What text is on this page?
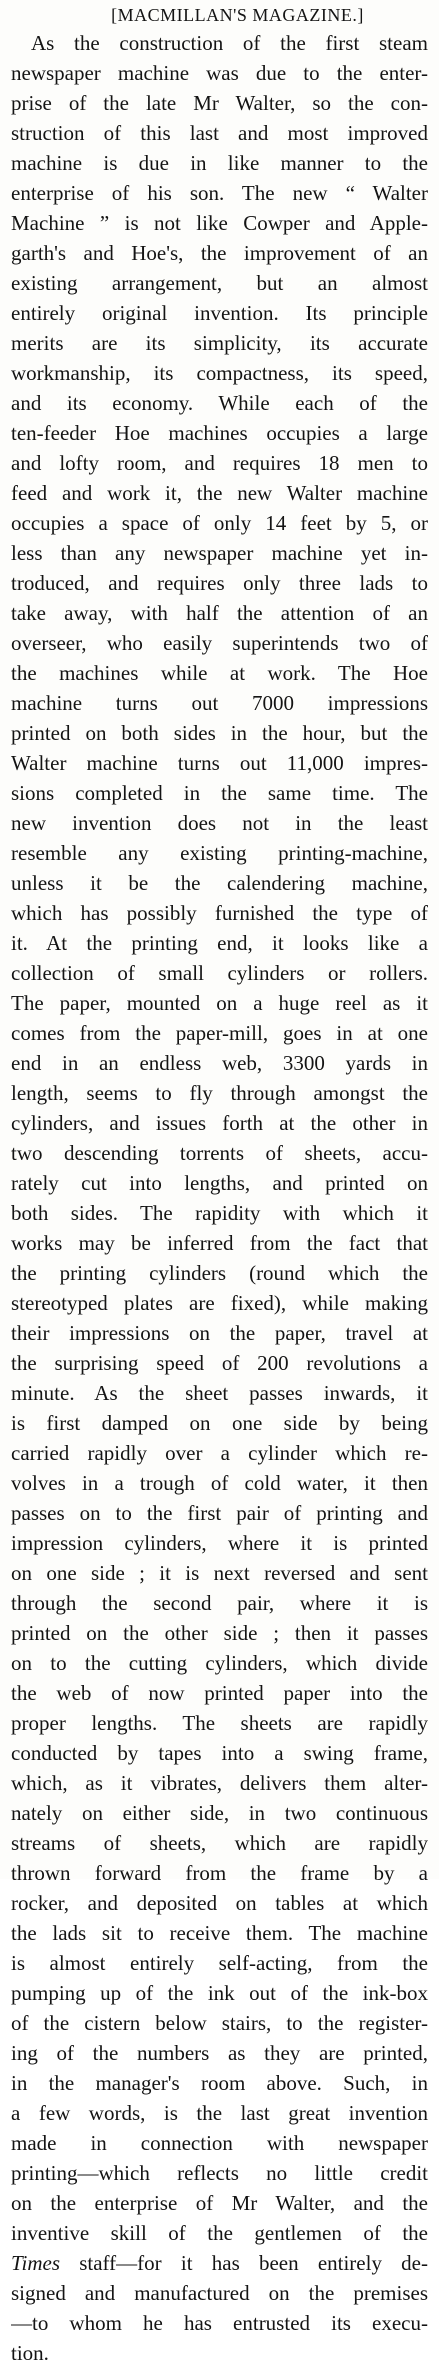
[MACMILLAN'S MAGAZINE.]
As the construction of the first steam
newspaper machine was due to the enter-
prise of the late Mr Walter, so the con-
struction of this last and most improved
machine is due in like manner to the
enterprise of his son. The new “ Walter
Machine ” is not like Cowper and Apple-
garth's and Hoe's, the improvement of an
existing arrangement, but an almost
entirely original invention. Its principle
merits are its simplicity, its accurate
workmanship, its compactness, its speed,
and its economy. While each of the
ten-feeder Hoe machines occupies a large
and lofty room, and requires 18 men to
feed and work it, the new Walter machine
occupies a space of only 14 feet by 5, or
less than any newspaper machine yet in-
troduced, and requires only three lads to
take away, with half the attention of an
overseer, who easily superintends two of
the machines while at work. The Hoe
machine turns out 7000 impressions
printed on both sides in the hour, but the
Walter machine turns out 11,000 impres-
sions completed in the same time. The
new invention does not in the least
resemble any existing printing-machine,
unless it be the calendering machine,
which has possibly furnished the type of
it. At the printing end, it looks like a
collection of small cylinders or rollers.
The paper, mounted on a huge reel as it
comes from the paper-mill, goes in at one
end in an endless web, 3300 yards in
length, seems to fly through amongst the
cylinders, and issues forth at the other in
two descending torrents of sheets, accu-
rately cut into lengths, and printed on
both sides. The rapidity with which it
works may be inferred from the fact that
the printing cylinders (round which the
stereotyped plates are fixed), while making
their impressions on the paper, travel at
the surprising speed of 200 revolutions a
minute. As the sheet passes inwards, it
is first damped on one side by being
carried rapidly over a cylinder which re-
volves in a trough of cold water, it then
passes on to the first pair of printing and
impression cylinders, where it is printed
on one side ; it is next reversed and sent
through the second pair, where it is
printed on the other side ; then it passes
on to the cutting cylinders, which divide
the web of now printed paper into the
proper lengths. The sheets are rapidly
conducted by tapes into a swing frame,
which, as it vibrates, delivers them alter-
nately on either side, in two continuous
streams of sheets, which are rapidly
thrown forward from the frame by a
rocker, and deposited on tables at which
the lads sit to receive them. The machine
is almost entirely self-acting, from the
pumping up of the ink out of the ink-box
of the cistern below stairs, to the register-
ing of the numbers as they are printed,
in the manager's room above. Such, in
a few words, is the last great invention
made in connection with newspaper
printing—which reflects no little credit
on the enterprise of Mr Walter, and the
inventive skill of the gentlemen of the
Times staff—for it has been entirely de-
signed and manufactured on the premises
—to whom he has entrusted its execu-
tion.
